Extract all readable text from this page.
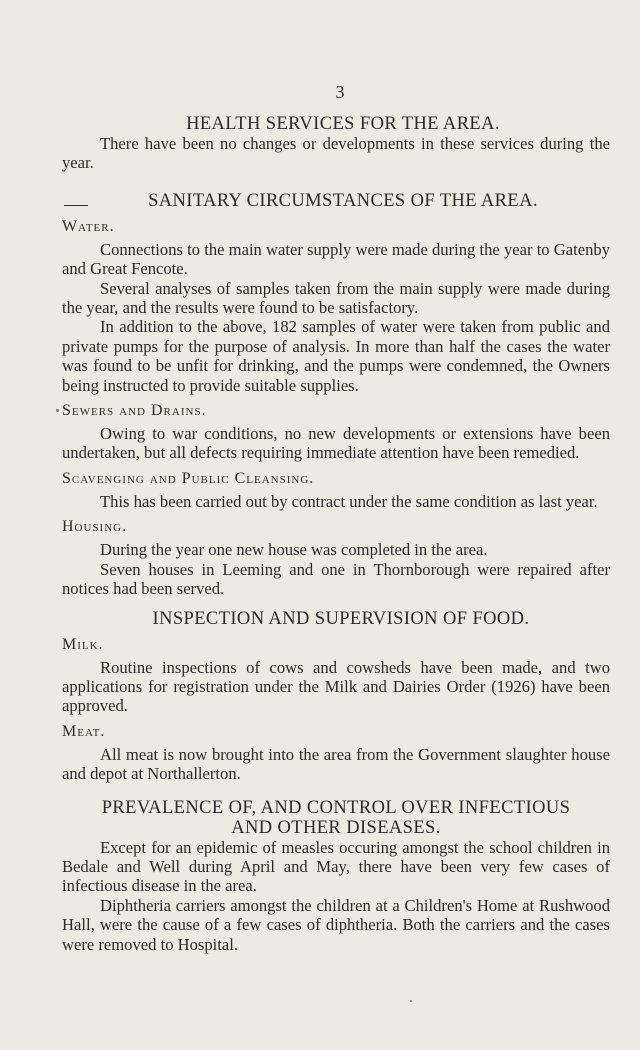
3
HEALTH SERVICES FOR THE AREA.

There have been no changes or developments in these services during the year.

SANITARY CIRCUMSTANCES OF THE AREA.
Water.

Connections to the main water supply were made during the year to Gatenby and Great Fencote.

Several analyses of samples taken from the main supply were made during the year, and the results were found to be satisfactory.

In addition to the above, 182 samples of water were taken from public and private pumps for the purpose of analysis. In more than half the cases the water was found to be unfit for drinking, and the pumps were condemned, the Owners being instructed to provide suitable supplies.

Sewers and Drains.

Owing to war conditions, no new developments or extensions have been undertaken, but all defects requiring immediate attention have been remedied.

Scavenging and Public Cleansing.

This has been carried out by contract under the same condition as last year.

Housing.

During the year one new house was completed in the area.

Seven houses in Leeming and one in Thornborough were repaired after notices had been served.

INSPECTION AND SUPERVISION OF FOOD.
Milk.

Routine inspections of cows and cowsheds have been made, and two applications for registration under the Milk and Dairies Order (1926) have been approved.

Meat.

All meat is now brought into the area from the Government slaughter house and depot at Northallerton.

PREVALENCE OF, AND CONTROL OVER INFECTIOUS
AND OTHER DISEASES.

Except for an epidemic of measles occuring amongst the school children in Bedale and Well during April and May, there have been very few cases of infectious disease in the area.

Diphtheria carriers amongst the children at a Children's Home at Rushwood Hall, were the cause of a few cases of diphtheria. Both the carriers and the cases were removed to Hospital.
